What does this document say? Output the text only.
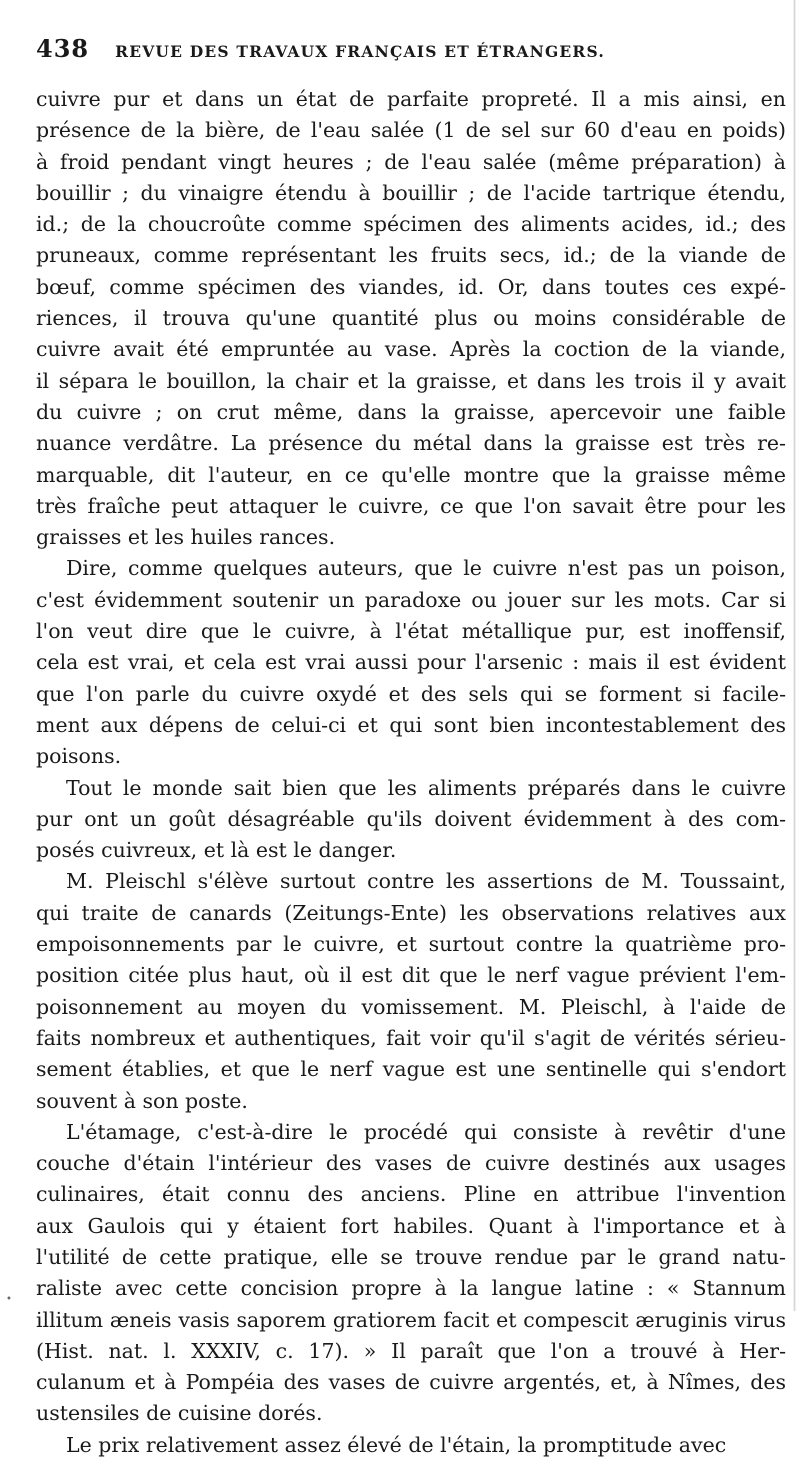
438 REVUE DES TRAVAUX FRANÇAIS ET ÉTRANGERS.
cuivre pur et dans un état de parfaite propreté. Il a mis ainsi, en
présence de la bière, de l'eau salée (1 de sel sur 60 d'eau en poids)
à froid pendant vingt heures ; de l'eau salée (même préparation) à
bouillir ; du vinaigre étendu à bouillir ; de l'acide tartrique étendu,
id.; de la choucroûte comme spécimen des aliments acides, id.; des
pruneaux, comme représentant les fruits secs, id.; de la viande de
bœuf, comme spécimen des viandes, id. Or, dans toutes ces expé-
riences, il trouva qu'une quantité plus ou moins considérable de
cuivre avait été empruntée au vase. Après la coction de la viande,
il sépara le bouillon, la chair et la graisse, et dans les trois il y avait
du cuivre ; on crut même, dans la graisse, apercevoir une faible
nuance verdâtre. La présence du métal dans la graisse est très re-
marquable, dit l'auteur, en ce qu'elle montre que la graisse même
très fraîche peut attaquer le cuivre, ce que l'on savait être pour les
graisses et les huiles rances.
Dire, comme quelques auteurs, que le cuivre n'est pas un poison,
c'est évidemment soutenir un paradoxe ou jouer sur les mots. Car si
l'on veut dire que le cuivre, à l'état métallique pur, est inoffensif,
cela est vrai, et cela est vrai aussi pour l'arsenic : mais il est évident
que l'on parle du cuivre oxydé et des sels qui se forment si facile-
ment aux dépens de celui-ci et qui sont bien incontestablement des
poisons.
Tout le monde sait bien que les aliments préparés dans le cuivre
pur ont un goût désagréable qu'ils doivent évidemment à des com-
posés cuivreux, et là est le danger.
M. Pleischl s'élève surtout contre les assertions de M. Toussaint,
qui traite de canards (Zeitungs-Ente) les observations relatives aux
empoisonnements par le cuivre, et surtout contre la quatrième pro-
position citée plus haut, où il est dit que le nerf vague prévient l'em-
poisonnement au moyen du vomissement. M. Pleischl, à l'aide de
faits nombreux et authentiques, fait voir qu'il s'agit de vérités sérieu-
sement établies, et que le nerf vague est une sentinelle qui s'endort
souvent à son poste.
L'étamage, c'est-à-dire le procédé qui consiste à revêtir d'une
couche d'étain l'intérieur des vases de cuivre destinés aux usages
culinaires, était connu des anciens. Pline en attribue l'invention
aux Gaulois qui y étaient fort habiles. Quant à l'importance et à
l'utilité de cette pratique, elle se trouve rendue par le grand natu-
raliste avec cette concision propre à la langue latine : « Stannum
illitum æneis vasis saporem gratiorem facit et compescit æruginis virus
(Hist. nat. l. XXXIV, c. 17). » Il paraît que l'on a trouvé à Her-
culanum et à Pompéia des vases de cuivre argentés, et, à Nîmes, des
ustensiles de cuisine dorés.
Le prix relativement assez élevé de l'étain, la promptitude avec
•
